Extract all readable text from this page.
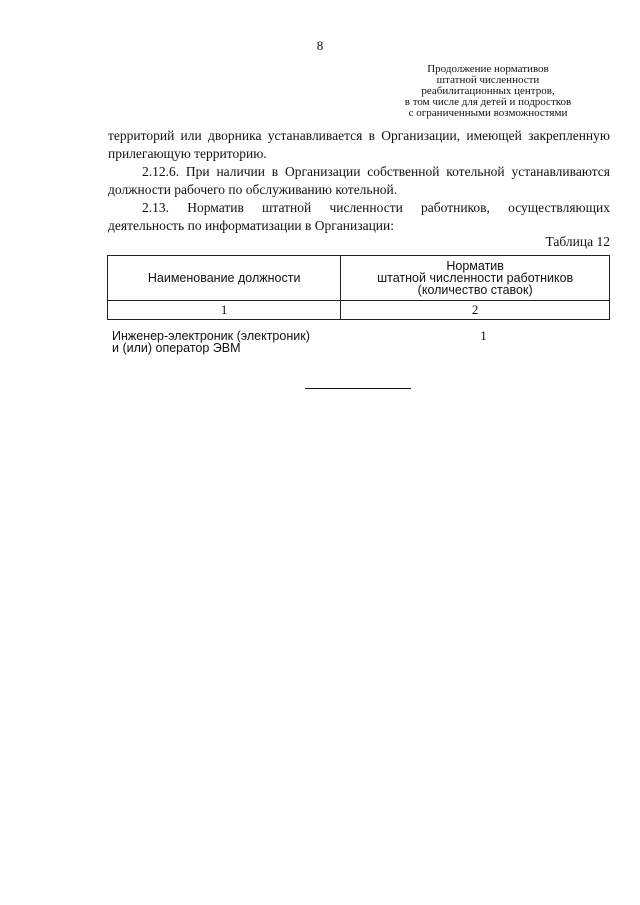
8
Продолжение нормативов
штатной численности
реабилитационных центров,
в том числе для детей и подростков
с ограниченными возможностями
территорий или дворника устанавливается в Организации, имеющей закрепленную прилегающую территорию.
2.12.6. При наличии в Организации собственной котельной устанавливаются должности рабочего по обслуживанию котельной.
2.13. Норматив штатной численности работников, осуществляющих деятельность по информатизации в Организации:
Таблица 12
Наименование должности	Норматив
штатной численности работников
(количество ставок)

1	2
Инженер-электроник (электроник)
и (или) оператор ЭВМ
1
